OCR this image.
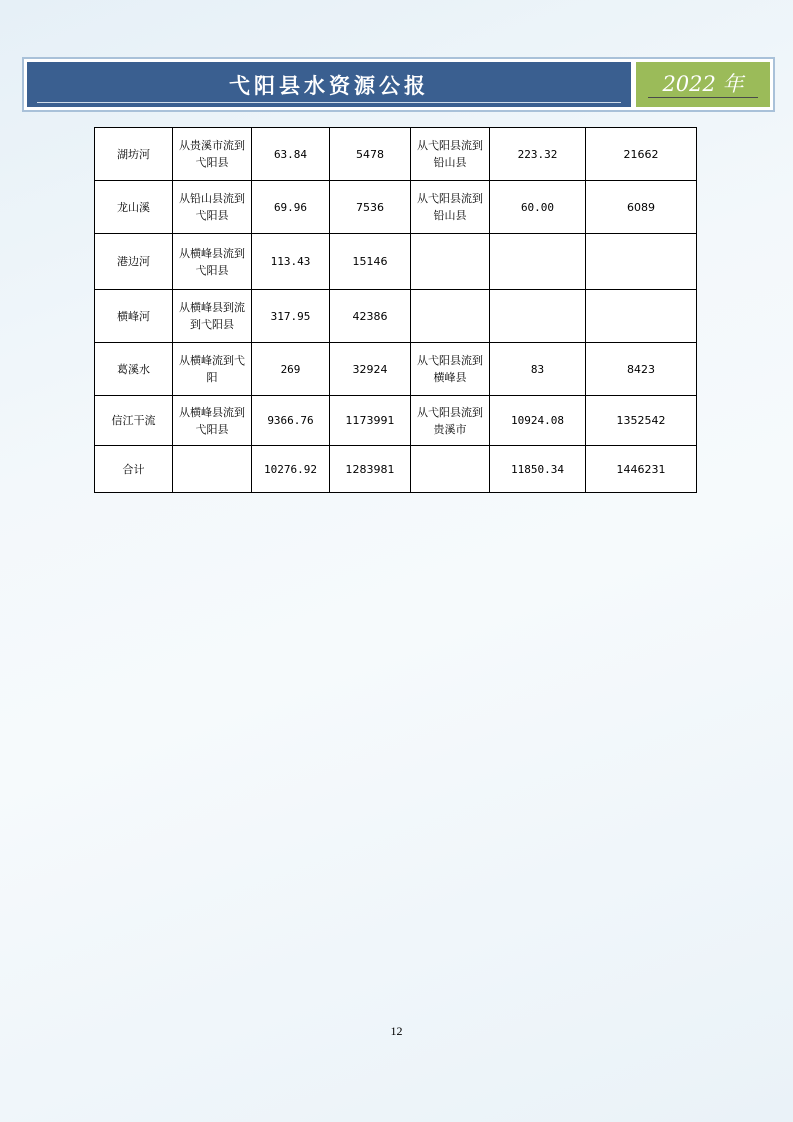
弋阳县水资源公报	2022 年
湖坊河	从贵溪市流到弋阳县	63.84	5478	从弋阳县流到铅山县	223.32	21662
龙山溪	从铅山县流到弋阳县	69.96	7536	从弋阳县流到铅山县	60.00	6089
港边河	从横峰县流到弋阳县	113.43	15146			
横峰河	从横峰县到流到弋阳县	317.95	42386			
葛溪水	从横峰流到弋阳	269	32924	从弋阳县流到横峰县	83	8423
信江干流	从横峰县流到弋阳县	9366.76	1173991	从弋阳县流到贵溪市	10924.08	1352542
合计		10276.92	1283981		11850.34	1446231
12
